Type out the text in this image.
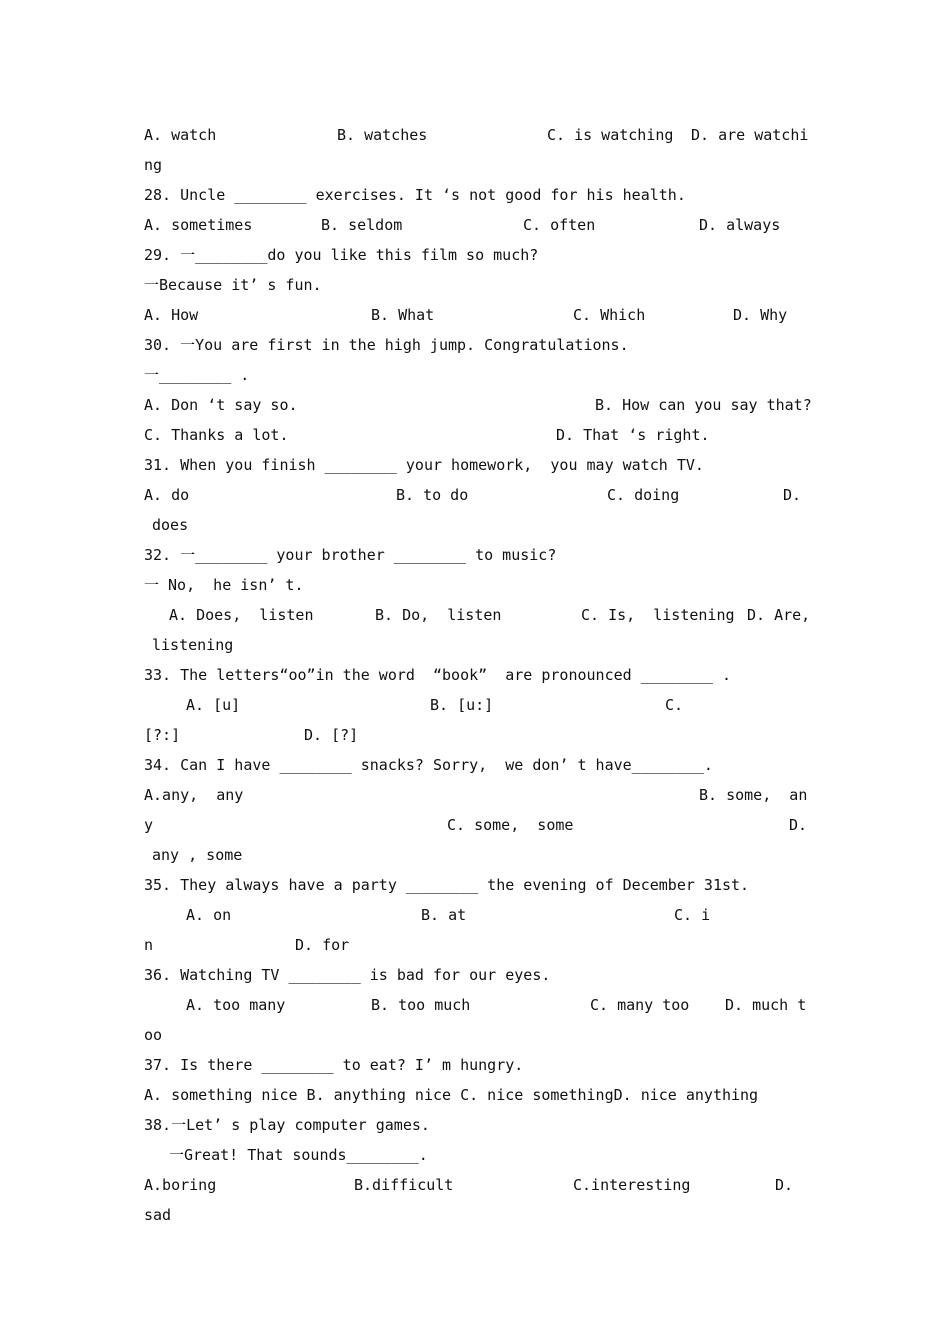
A. watch	B. watches	C. is watching D. are watchi
ng
28. Uncle ________ exercises. It ‘s not good for his health.
A. sometimes	B. seldom	C. often	D. always
29. 一________do you like this film so much?
一Because it’ s fun.
A. How	B. What	C. Which	D. Why
30. 一You are first in the high jump. Congratulations.
一________ .
A. Don ‘t say so.	B. How can you say that?
C. Thanks a lot.	D. That ‘s right.
31. When you finish ________ your homework,  you may watch TV.
A. do	B. to do	C. doing	D.
does
32. 一________ your brother ________ to music?
一 No,  he isn’ t.
A. Does,  listen	B. Do,  listen	C. Is,  listening D. Are,
listening
33. The letters“oo”in the word  “book”  are pronounced ________ .
A. [u]	B. [u:]	C.
[?:]	D. [?]
34. Can I have ________ snacks? Sorry,  we don’ t have________.
A.any,  any	B. some,  an
y	C. some,  some	D.
any , some
35. They always have a party ________ the evening of December 31st.
A. on	B. at	C. i
n	D. for
36. Watching TV ________ is bad for our eyes.
A. too many	B. too much	C. many too D. much t
oo
37. Is there ________ to eat? I’ m hungry.
A. something nice B. anything nice C. nice somethingD. nice anything
38.一Let’ s play computer games.
一Great! That sounds________.
A.boring	B.difficult	C.interesting	D.
sad
